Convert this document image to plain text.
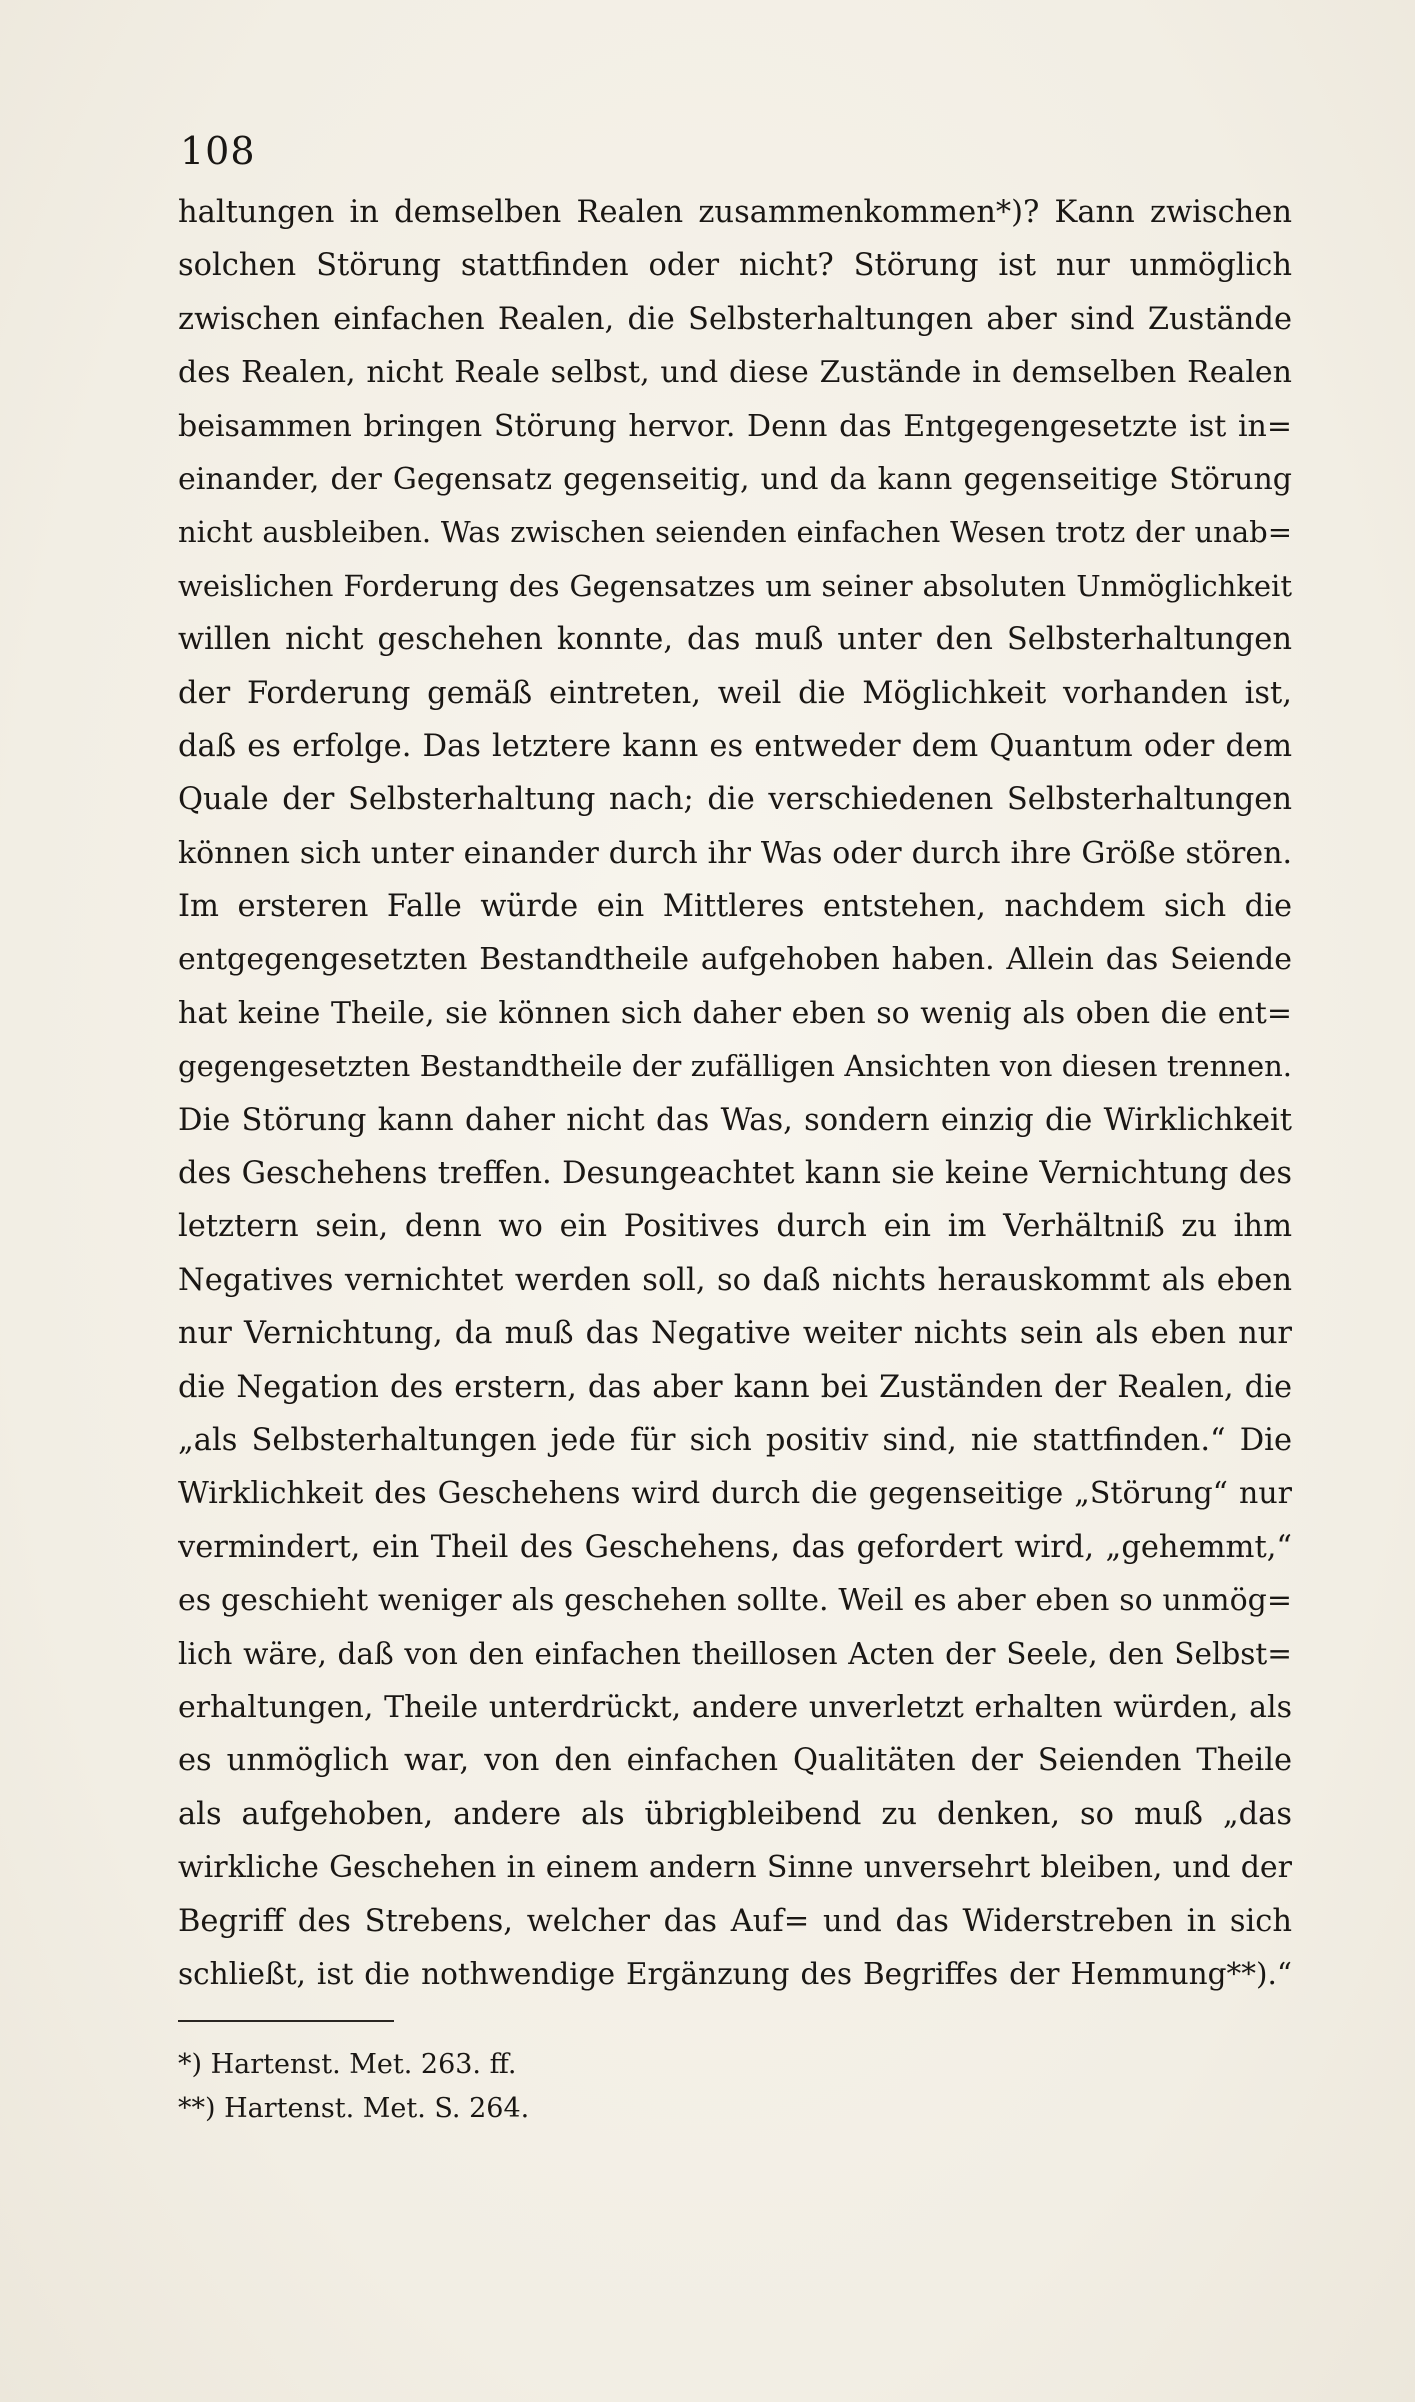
108
haltungen in demselben Realen zusammenkommen*)? Kann zwischen
solchen Störung stattfinden oder nicht? Störung ist nur unmöglich
zwischen einfachen Realen, die Selbsterhaltungen aber sind Zustände
des Realen, nicht Reale selbst, und diese Zustände in demselben Realen
beisammen bringen Störung hervor. Denn das Entgegengesetzte ist in=
einander, der Gegensatz gegenseitig, und da kann gegenseitige Störung
nicht ausbleiben. Was zwischen seienden einfachen Wesen trotz der unab=
weislichen Forderung des Gegensatzes um seiner absoluten Unmöglichkeit
willen nicht geschehen konnte, das muß unter den Selbsterhaltungen
der Forderung gemäß eintreten, weil die Möglichkeit vorhanden ist,
daß es erfolge. Das letztere kann es entweder dem Quantum oder dem
Quale der Selbsterhaltung nach; die verschiedenen Selbsterhaltungen
können sich unter einander durch ihr Was oder durch ihre Größe stören.
Im ersteren Falle würde ein Mittleres entstehen, nachdem sich die
entgegengesetzten Bestandtheile aufgehoben haben. Allein das Seiende
hat keine Theile, sie können sich daher eben so wenig als oben die ent=
gegengesetzten Bestandtheile der zufälligen Ansichten von diesen trennen.
Die Störung kann daher nicht das Was, sondern einzig die Wirklichkeit
des Geschehens treffen. Desungeachtet kann sie keine Vernichtung des
letztern sein, denn wo ein Positives durch ein im Verhältniß zu ihm
Negatives vernichtet werden soll, so daß nichts herauskommt als eben
nur Vernichtung, da muß das Negative weiter nichts sein als eben nur
die Negation des erstern, das aber kann bei Zuständen der Realen, die
„als Selbsterhaltungen jede für sich positiv sind, nie stattfinden.“ Die
Wirklichkeit des Geschehens wird durch die gegenseitige „Störung“ nur
vermindert, ein Theil des Geschehens, das gefordert wird, „gehemmt,“
es geschieht weniger als geschehen sollte. Weil es aber eben so unmög=
lich wäre, daß von den einfachen theillosen Acten der Seele, den Selbst=
erhaltungen, Theile unterdrückt, andere unverletzt erhalten würden, als
es unmöglich war, von den einfachen Qualitäten der Seienden Theile
als aufgehoben, andere als übrigbleibend zu denken, so muß „das
wirkliche Geschehen in einem andern Sinne unversehrt bleiben, und der
Begriff des Strebens, welcher das Auf= und das Widerstreben in sich
schließt, ist die nothwendige Ergänzung des Begriffes der Hemmung**).“
*) Hartenst. Met. 263. ff.
**) Hartenst. Met. S. 264.
